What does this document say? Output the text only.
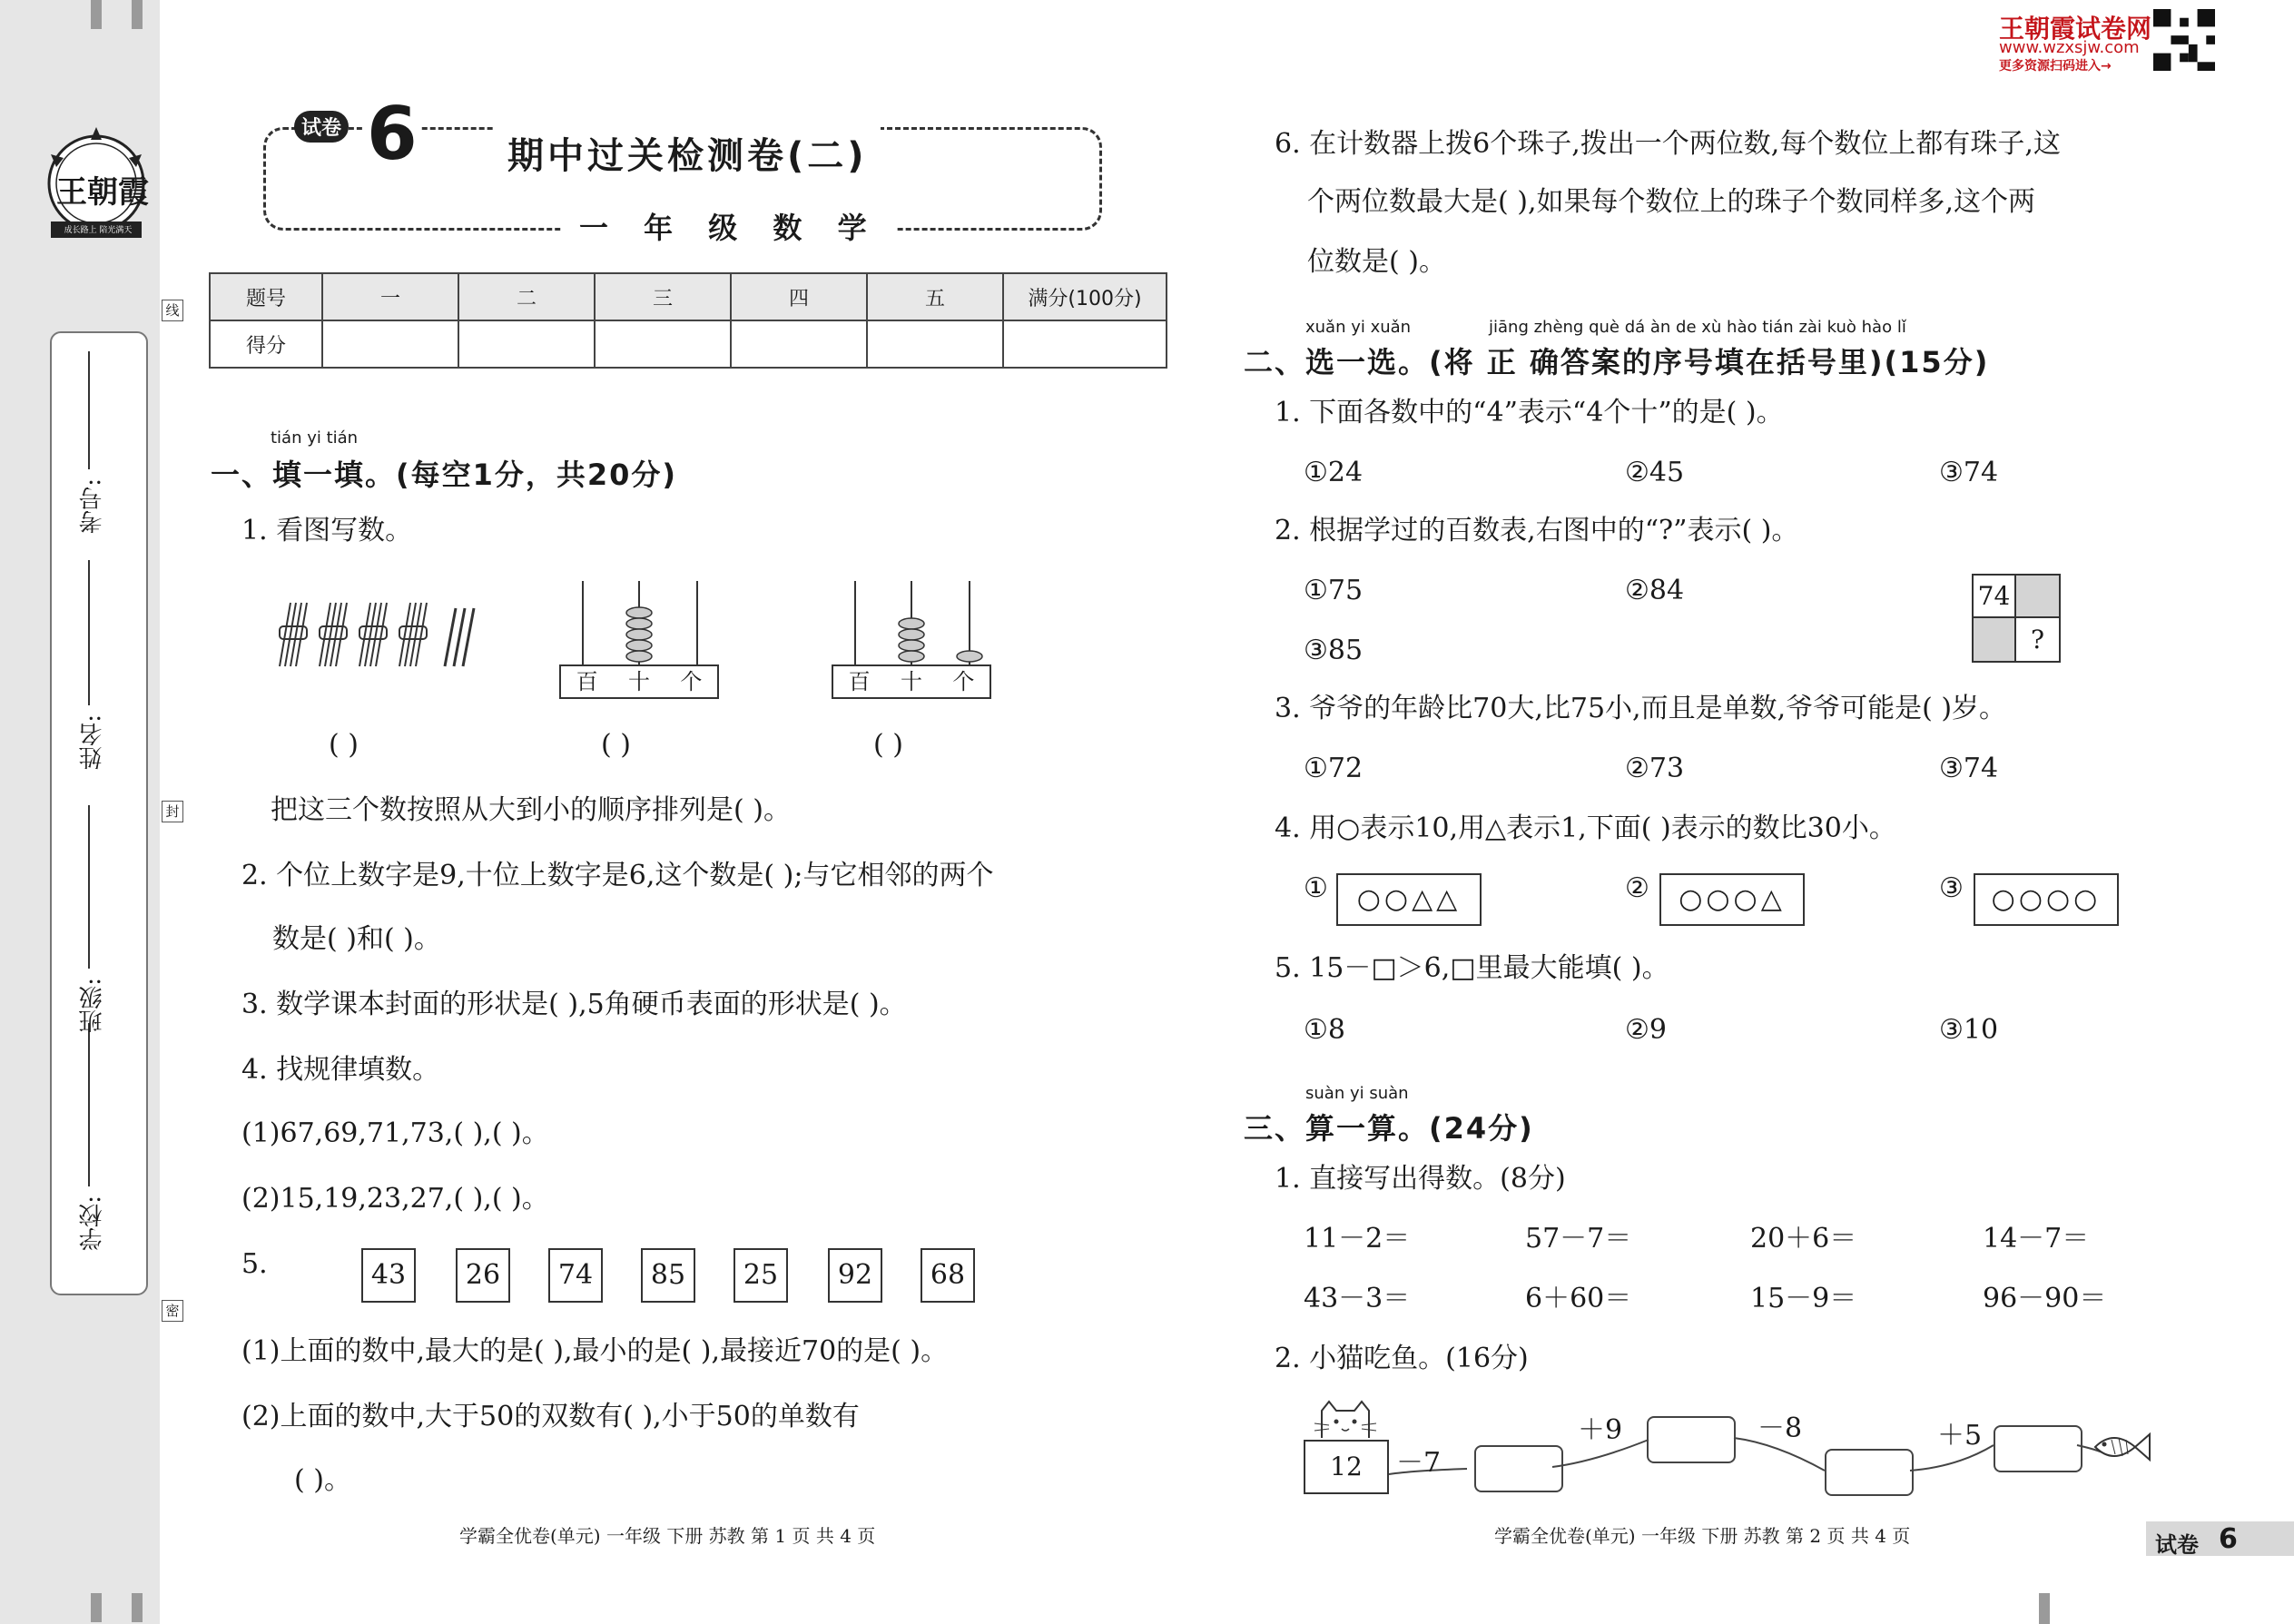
王朝霞
成长路上 陪光满天
学校:
班级:
姓名:
考号:
线
封
密
试卷 6	期中过关检测卷(二)
一 年 级 数 学
王朝霞试卷网
www.wzxsjw.com
更多资源扫码进入→
题号	一	二	三	四	五	满分(100分)
得分						
tián yi tián
一、填一填。(每空1分，共20分)
1. 看图写数。
百 十 个	百 十 个
( )	( )	( )
把这三个数按照从大到小的顺序排列是( )。
2. 个位上数字是9,十位上数字是6,这个数是( );与它相邻的两个
数是( )和( )。
3. 数学课本封面的形状是( ),5角硬币表面的形状是( )。
4. 找规律填数。
(1)67,69,71,73,( ),( )。
(2)15,19,23,27,( ),( )。
5.	43	26	74	85	25	92	68
(1)上面的数中,最大的是( ),最小的是( ),最接近70的是( )。
(2)上面的数中,大于50的双数有( ),小于50的单数有
( )。
学霸全优卷(单元) 一年级 下册 苏教 第 1 页 共 4 页
6. 在计数器上拨6个珠子,拨出一个两位数,每个数位上都有珠子,这
个两位数最大是( ),如果每个数位上的珠子个数同样多,这个两
位数是( )。
xuǎn yi xuǎn	jiāng zhèng què dá àn de xù hào tián zài kuò hào lǐ
二、选一选。(将 正 确答案的序号填在括号里)(15分)
1. 下面各数中的“4”表示“4个十”的是( )。
①24	②45	③74
2. 根据学过的百数表,右图中的“?”表示( )。
①75	②84
③85
74
?
3. 爷爷的年龄比70大,比75小,而且是单数,爷爷可能是( )岁。
①72	②73	③74
4. 用○表示10,用△表示1,下面( )表示的数比30小。
①	○○△△	②	○○○△	③	○○○○
5. 15－□＞6,□里最大能填( )。
①8	②9	③10
suàn yi suàn
三、算一算。(24分)
1. 直接写出得数。(8分)
11－2＝	57－7＝	20＋6＝	14－7＝
43－3＝	6＋60＝	15－9＝	96－90＝
2. 小猫吃鱼。(16分)
12	－7
＋9	－8	＋5
学霸全优卷(单元) 一年级 下册 苏教 第 2 页 共 4 页	试卷 6
